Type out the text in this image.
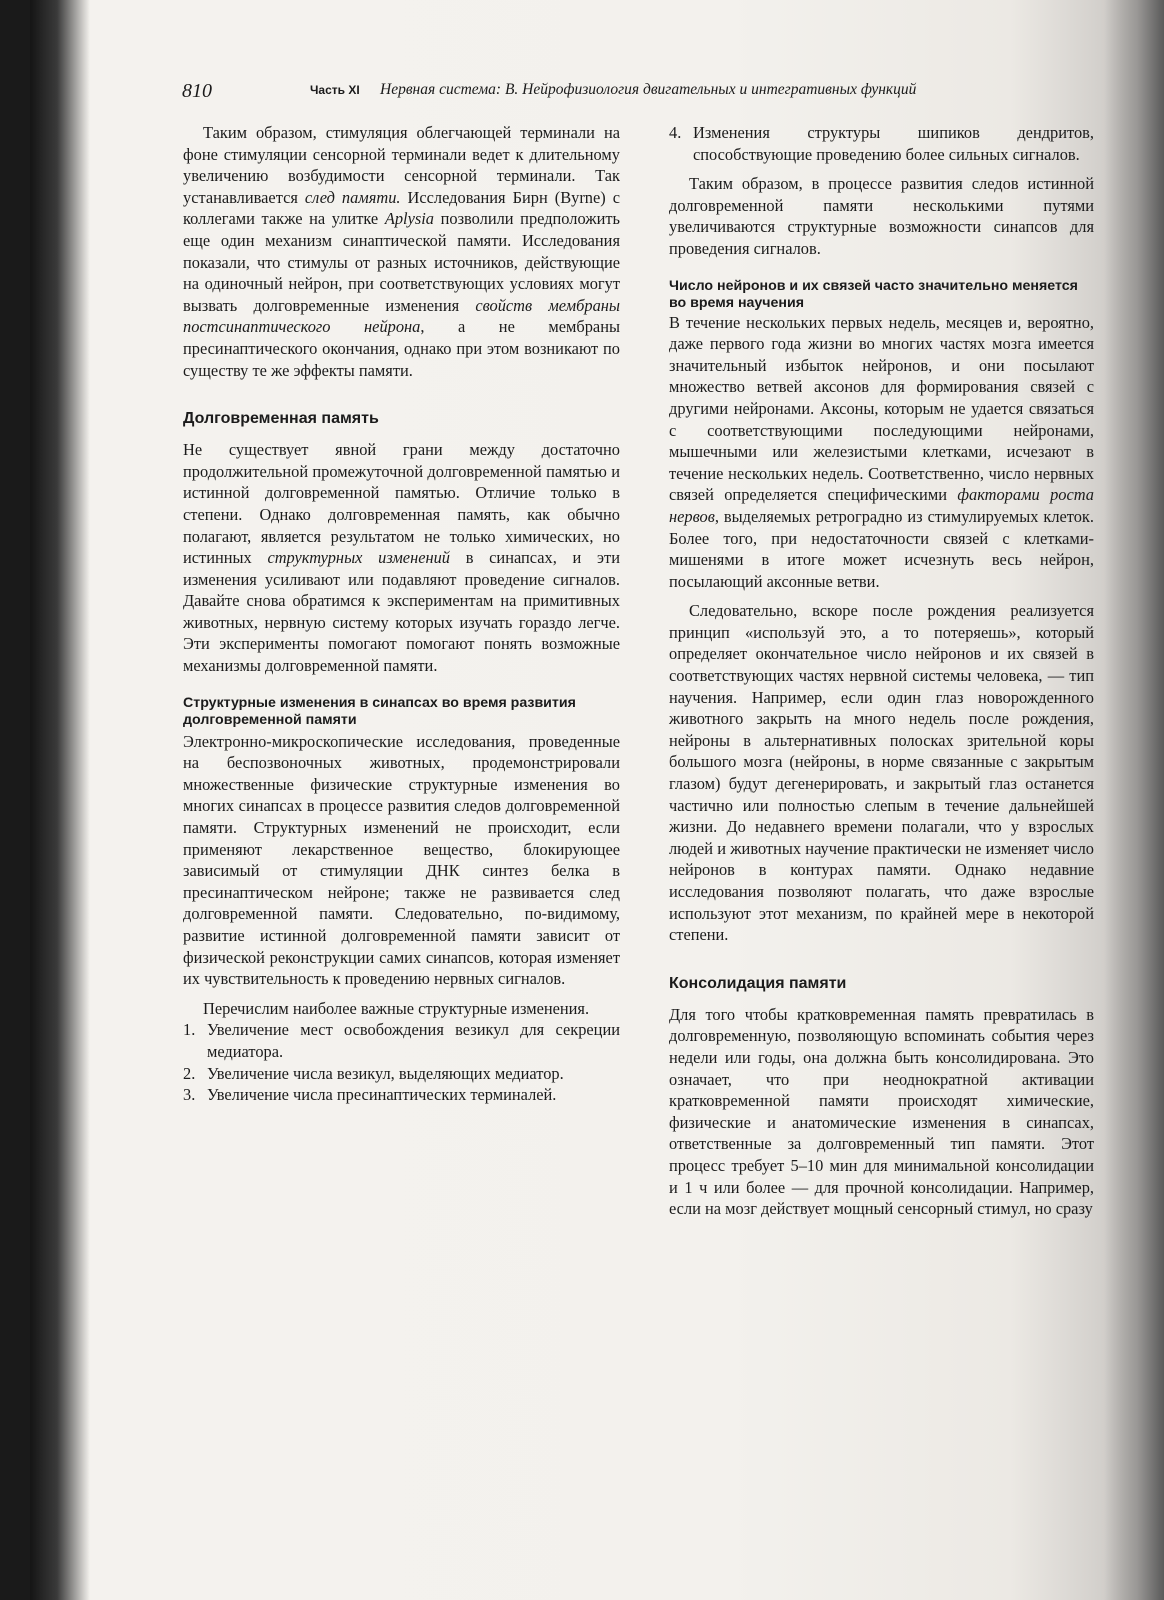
810	Часть XI Нервная система: В. Нейрофизиология двигательных и интегративных функций

Таким образом, стимуляция облегчающей терминали на фоне стимуляции сенсорной терминали ведет к длительному увеличению возбудимости сенсорной терминали. Так устанавливается след памяти. Исследования Бирн (Byrne) с коллегами также на улитке Aplysia позволили предположить еще один механизм синаптической памяти. Исследования показали, что стимулы от разных источников, действующие на одиночный нейрон, при соответствующих условиях могут вызвать долговременные изменения свойств мембраны постсинаптического нейрона, а не мембраны пресинаптического окончания, однако при этом возникают по существу те же эффекты памяти.

Долговременная память

Не существует явной грани между достаточно продолжительной промежуточной долговременной памятью и истинной долговременной памятью. Отличие только в степени. Однако долговременная память, как обычно полагают, является результатом не только химических, но истинных структурных изменений в синапсах, и эти изменения усиливают или подавляют проведение сигналов. Давайте снова обратимся к экспериментам на примитивных животных, нервную систему которых изучать гораздо легче. Эти эксперименты помогают помогают понять возможные механизмы долговременной памяти.

Структурные изменения в синапсах во время развития долговременной памяти

Электронно-микроскопические исследования, проведенные на беспозвоночных животных, продемонстрировали множественные физические структурные изменения во многих синапсах в процессе развития следов долговременной памяти. Структурных изменений не происходит, если применяют лекарственное вещество, блокирующее зависимый от стимуляции ДНК синтез белка в пресинаптическом нейроне; также не развивается след долговременной памяти. Следовательно, по-видимому, развитие истинной долговременной памяти зависит от физической реконструкции самих синапсов, которая изменяет их чувствительность к проведению нервных сигналов.

Перечислим наиболее важные структурные изменения.

1. Увеличение мест освобождения везикул для секреции медиатора.
2. Увеличение числа везикул, выделяющих медиатор.
3. Увеличение числа пресинаптических терминалей.
4. Изменения структуры шипиков дендритов, способствующие проведению более сильных сигналов.

Таким образом, в процессе развития следов истинной долговременной памяти несколькими путями увеличиваются структурные возможности синапсов для проведения сигналов.

Число нейронов и их связей часто значительно меняется во время научения

В течение нескольких первых недель, месяцев и, вероятно, даже первого года жизни во многих частях мозга имеется значительный избыток нейронов, и они посылают множество ветвей аксонов для формирования связей с другими нейронами. Аксоны, которым не удается связаться с соответствующими последующими нейронами, мышечными или железистыми клетками, исчезают в течение нескольких недель. Соответственно, число нервных связей определяется специфическими факторами роста нервов, выделяемых ретроградно из стимулируемых клеток. Более того, при недостаточности связей с клетками-мишенями в итоге может исчезнуть весь нейрон, посылающий аксонные ветви.

Следовательно, вскоре после рождения реализуется принцип «используй это, а то потеряешь», который определяет окончательное число нейронов и их связей в соответствующих частях нервной системы человека, — тип научения. Например, если один глаз новорожденного животного закрыть на много недель после рождения, нейроны в альтернативных полосках зрительной коры большого мозга (нейроны, в норме связанные с закрытым глазом) будут дегенерировать, и закрытый глаз останется частично или полностью слепым в течение дальнейшей жизни. До недавнего времени полагали, что у взрослых людей и животных научение практически не изменяет число нейронов в контурах памяти. Однако недавние исследования позволяют полагать, что даже взрослые используют этот механизм, по крайней мере в некоторой степени.

Консолидация памяти

Для того чтобы кратковременная память превратилась в долговременную, позволяющую вспоминать события через недели или годы, она должна быть консолидирована. Это означает, что при неоднократной активации кратковременной памяти происходят химические, физические и анатомические изменения в синапсах, ответственные за долговременный тип памяти. Этот процесс требует 5–10 мин для минимальной консолидации и 1 ч или более — для прочной консолидации. Например, если на мозг действует мощный сенсорный стимул, но сразу
